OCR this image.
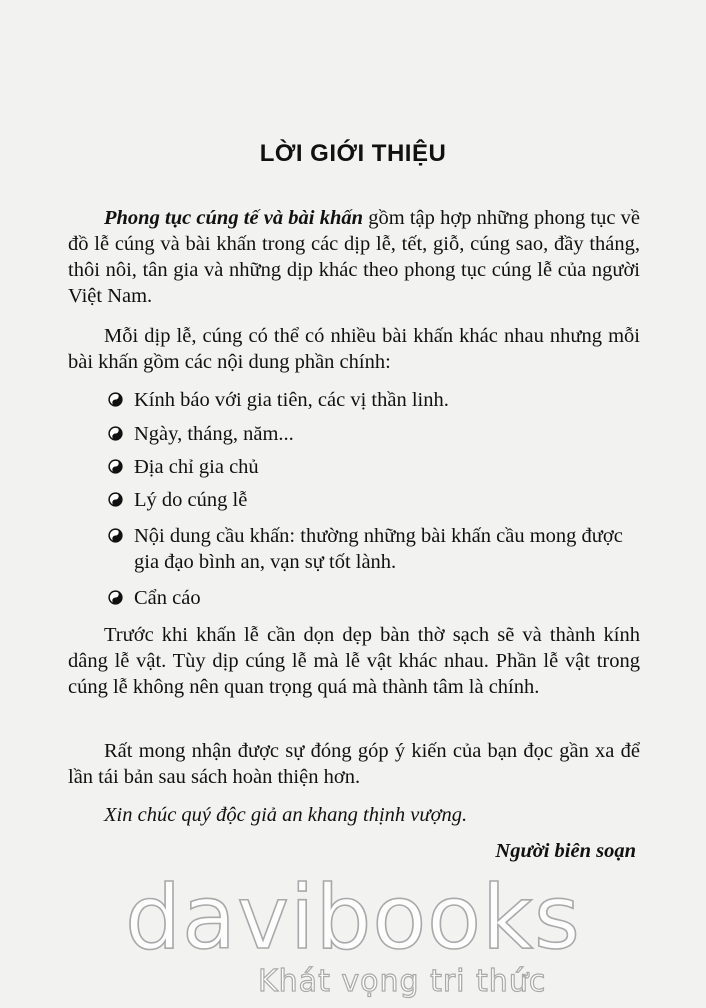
LỜI GIỚI THIỆU
Phong tục cúng tế và bài khấn gồm tập hợp những phong tục về đồ lễ cúng và bài khấn trong các dịp lễ, tết, giỗ, cúng sao, đầy tháng, thôi nôi, tân gia và những dịp khác theo phong tục cúng lễ của người Việt Nam.
Mỗi dịp lễ, cúng có thể có nhiều bài khấn khác nhau nhưng mỗi bài khấn gồm các nội dung phần chính:
Kính báo với gia tiên, các vị thần linh.
Ngày, tháng, năm...
Địa chỉ gia chủ
Lý do cúng lễ
Nội dung cầu khấn: thường những bài khấn cầu mong được gia đạo bình an, vạn sự tốt lành.
Cẩn cáo
Trước khi khấn lễ cần dọn dẹp bàn thờ sạch sẽ và thành kính dâng lễ vật. Tùy dịp cúng lễ mà lễ vật khác nhau. Phần lễ vật trong cúng lễ không nên quan trọng quá mà thành tâm là chính.
Rất mong nhận được sự đóng góp ý kiến của bạn đọc gần xa để lần tái bản sau sách hoàn thiện hơn.
Xin chúc quý độc giả an khang thịnh vượng.
Người biên soạn
davibooks
Khát vọng tri thức
